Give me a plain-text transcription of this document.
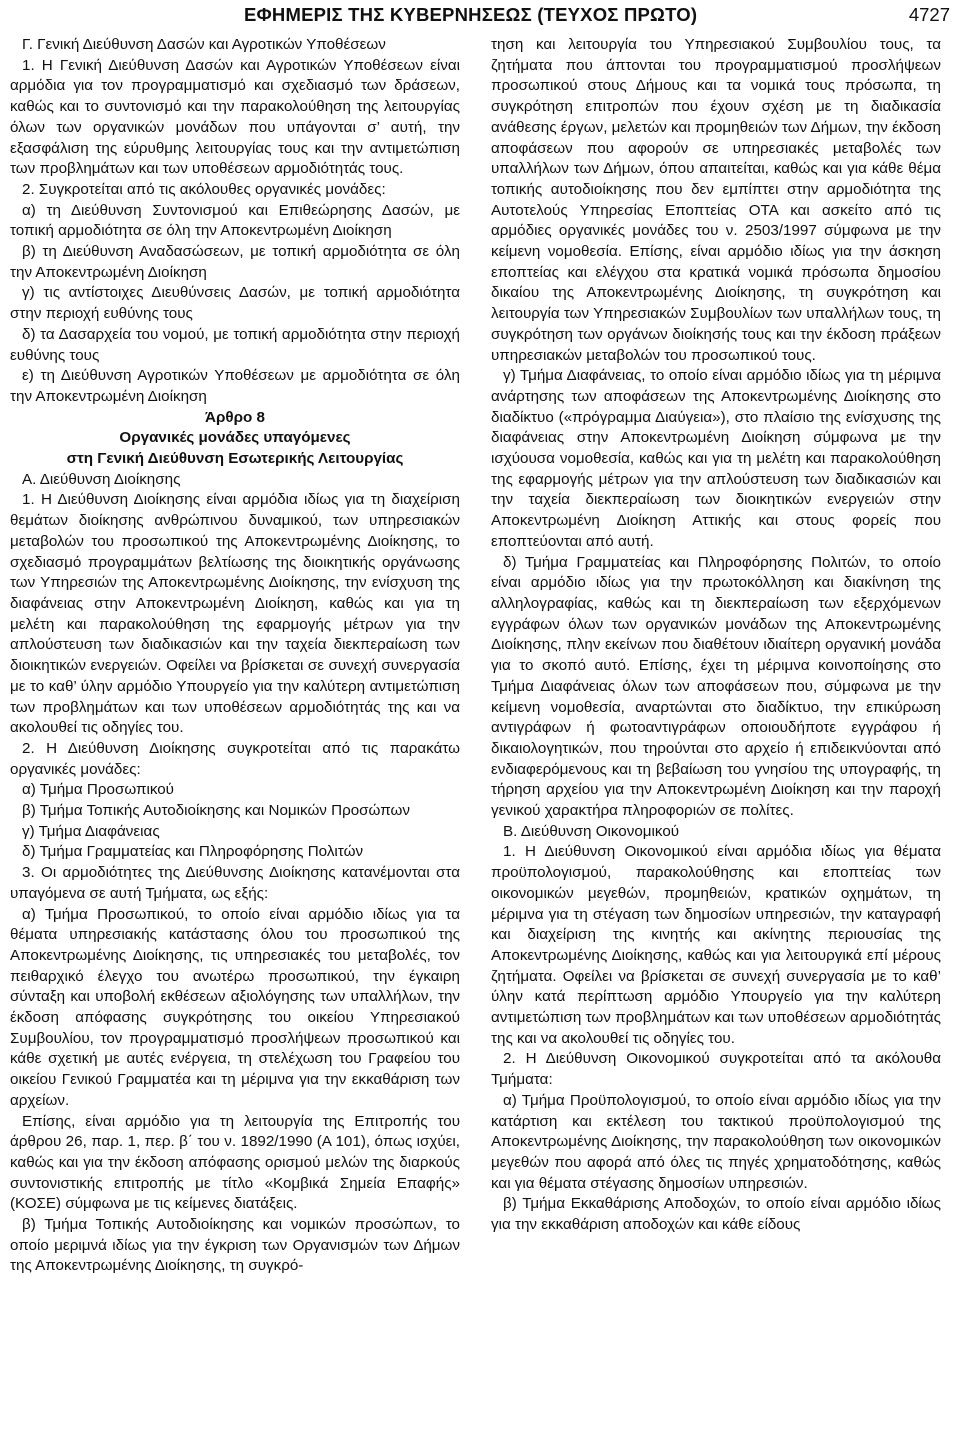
ΕΦΗΜΕΡΙΣ ΤΗΣ ΚΥΒΕΡΝΗΣΕΩΣ (ΤΕΥΧΟΣ ΠΡΩΤΟ)	4727

Γ. Γενική Διεύθυνση Δασών και Αγροτικών Υποθέσεων

1. Η Γενική Διεύθυνση Δασών και Αγροτικών Υποθέσεων είναι αρμόδια για τον προγραμματισμό και σχεδιασμό των δράσεων, καθώς και το συντονισμό και την παρακολούθηση της λειτουργίας όλων των οργανικών μονάδων που υπάγονται σ’ αυτή, την εξασφάλιση της εύρυθμης λειτουργίας τους και την αντιμετώπιση των προβλημάτων και των υποθέσεων αρμοδιότητάς τους.

2. Συγκροτείται από τις ακόλουθες οργανικές μονάδες:

α) τη Διεύθυνση Συντονισμού και Επιθεώρησης Δασών, με τοπική αρμοδιότητα σε όλη την Αποκεντρωμένη Διοίκηση

β) τη Διεύθυνση Αναδασώσεων, με τοπική αρμοδιότητα σε όλη την Αποκεντρωμένη Διοίκηση

γ) τις αντίστοιχες Διευθύνσεις Δασών, με τοπική αρμοδιότητα στην περιοχή ευθύνης τους

δ) τα Δασαρχεία του νομού, με τοπική αρμοδιότητα στην περιοχή ευθύνης τους

ε) τη Διεύθυνση Αγροτικών Υποθέσεων με αρμοδιότητα σε όλη την Αποκεντρωμένη Διοίκηση

Άρθρο 8

Οργανικές μονάδες υπαγόμενες
στη Γενική Διεύθυνση Εσωτερικής Λειτουργίας

Α. Διεύθυνση Διοίκησης

1. Η Διεύθυνση Διοίκησης είναι αρμόδια ιδίως για τη διαχείριση θεμάτων διοίκησης ανθρώπινου δυναμικού, των υπηρεσιακών μεταβολών του προσωπικού της Αποκεντρωμένης Διοίκησης, το σχεδιασμό προγραμμάτων βελτίωσης της διοικητικής οργάνωσης των Υπηρεσιών της Αποκεντρωμένης Διοίκησης, την ενίσχυση της διαφάνειας στην Αποκεντρωμένη Διοίκηση, καθώς και για τη μελέτη και παρακολούθηση της εφαρμογής μέτρων για την απλούστευση των διαδικασιών και την ταχεία διεκπεραίωση των διοικητικών ενεργειών. Οφείλει να βρίσκεται σε συνεχή συνεργασία με το καθ’ ύλην αρμόδιο Υπουργείο για την καλύτερη αντιμετώπιση των προβλημάτων και των υποθέσεων αρμοδιότητάς της και να ακολουθεί τις οδηγίες του.

2. Η Διεύθυνση Διοίκησης συγκροτείται από τις παρακάτω οργανικές μονάδες:

α) Τμήμα Προσωπικού

β) Τμήμα Τοπικής Αυτοδιοίκησης και Νομικών Προσώπων

γ) Τμήμα Διαφάνειας

δ) Τμήμα Γραμματείας και Πληροφόρησης Πολιτών

3. Οι αρμοδιότητες της Διεύθυνσης Διοίκησης κατανέμονται στα υπαγόμενα σε αυτή Τμήματα, ως εξής:

α) Τμήμα Προσωπικού, το οποίο είναι αρμόδιο ιδίως για τα θέματα υπηρεσιακής κατάστασης όλου του προσωπικού της Αποκεντρωμένης Διοίκησης, τις υπηρεσιακές του μεταβολές, τον πειθαρχικό έλεγχο του ανωτέρω προσωπικού, την έγκαιρη σύνταξη και υποβολή εκθέσεων αξιολόγησης των υπαλλήλων, την έκδοση απόφασης συγκρότησης του οικείου Υπηρεσιακού Συμβουλίου, τον προγραμματισμό προσλήψεων προσωπικού και κάθε σχετική με αυτές ενέργεια, τη στελέχωση του Γραφείου του οικείου Γενικού Γραμματέα και τη μέριμνα για την εκκαθάριση των αρχείων.

Επίσης, είναι αρμόδιο για τη λειτουργία της Επιτροπής του άρθρου 26, παρ. 1, περ. β΄ του ν. 1892/1990 (Α 101), όπως ισχύει, καθώς και για την έκδοση απόφασης ορισμού μελών της διαρκούς συντονιστικής επιτροπής με τίτλο «Κομβικά Σημεία Επαφής» (ΚΟΣΕ) σύμφωνα με τις κείμενες διατάξεις.

β) Τμήμα Τοπικής Αυτοδιοίκησης και νομικών προσώπων, το οποίο μεριμνά ιδίως για την έγκριση των Οργανισμών των Δήμων της Αποκεντρωμένης Διοίκησης, τη συγκρό-

τηση και λειτουργία του Υπηρεσιακού Συμβουλίου τους, τα ζητήματα που άπτονται του προγραμματισμού προσλήψεων προσωπικού στους Δήμους και τα νομικά τους πρόσωπα, τη συγκρότηση επιτροπών που έχουν σχέση με τη διαδικασία ανάθεσης έργων, μελετών και προμηθειών των Δήμων, την έκδοση αποφάσεων που αφορούν σε υπηρεσιακές μεταβολές των υπαλλήλων των Δήμων, όπου απαιτείται, καθώς και για κάθε θέμα τοπικής αυτοδιοίκησης που δεν εμπίπτει στην αρμοδιότητα της Αυτοτελούς Υπηρεσίας Εποπτείας ΟΤΑ και ασκείτο από τις αρμόδιες οργανικές μονάδες του ν. 2503/1997 σύμφωνα με την κείμενη νομοθεσία. Επίσης, είναι αρμόδιο ιδίως για την άσκηση εποπτείας και ελέγχου στα κρατικά νομικά πρόσωπα δημοσίου δικαίου της Αποκεντρωμένης Διοίκησης, τη συγκρότηση και λειτουργία των Υπηρεσιακών Συμβουλίων των υπαλλήλων τους, τη συγκρότηση των οργάνων διοίκησής τους και την έκδοση πράξεων υπηρεσιακών μεταβολών του προσωπικού τους.

γ) Τμήμα Διαφάνειας, το οποίο είναι αρμόδιο ιδίως για τη μέριμνα ανάρτησης των αποφάσεων της Αποκεντρωμένης Διοίκησης στο διαδίκτυο («πρόγραμμα Διαύγεια»), στο πλαίσιο της ενίσχυσης της διαφάνειας στην Αποκεντρωμένη Διοίκηση σύμφωνα με την ισχύουσα νομοθεσία, καθώς και για τη μελέτη και παρακολούθηση της εφαρμογής μέτρων για την απλούστευση των διαδικασιών και την ταχεία διεκπεραίωση των διοικητικών ενεργειών στην Αποκεντρωμένη Διοίκηση Αττικής και στους φορείς που εποπτεύονται από αυτή.

δ) Τμήμα Γραμματείας και Πληροφόρησης Πολιτών, το οποίο είναι αρμόδιο ιδίως για την πρωτοκόλληση και διακίνηση της αλληλογραφίας, καθώς και τη διεκπεραίωση των εξερχόμενων εγγράφων όλων των οργανικών μονάδων της Αποκεντρωμένης Διοίκησης, πλην εκείνων που διαθέτουν ιδιαίτερη οργανική μονάδα για το σκοπό αυτό. Επίσης, έχει τη μέριμνα κοινοποίησης στο Τμήμα Διαφάνειας όλων των αποφάσεων που, σύμφωνα με την κείμενη νομοθεσία, αναρτώνται στο διαδίκτυο, την επικύρωση αντιγράφων ή φωτοαντιγράφων οποιουδήποτε εγγράφου ή δικαιολογητικών, που τηρούνται στο αρχείο ή επιδεικνύονται από ενδιαφερόμενους και τη βεβαίωση του γνησίου της υπογραφής, τη τήρηση αρχείου για την Αποκεντρωμένη Διοίκηση και την παροχή γενικού χαρακτήρα πληροφοριών σε πολίτες.

Β. Διεύθυνση Οικονομικού

1. Η Διεύθυνση Οικονομικού είναι αρμόδια ιδίως για θέματα προϋπολογισμού, παρακολούθησης και εποπτείας των οικονομικών μεγεθών, προμηθειών, κρατικών οχημάτων, τη μέριμνα για τη στέγαση των δημοσίων υπηρεσιών, την καταγραφή και διαχείριση της κινητής και ακίνητης περιουσίας της Αποκεντρωμένης Διοίκησης, καθώς και για λειτουργικά επί μέρους ζητήματα. Οφείλει να βρίσκεται σε συνεχή συνεργασία με το καθ’ ύλην κατά περίπτωση αρμόδιο Υπουργείο για την καλύτερη αντιμετώπιση των προβλημάτων και των υποθέσεων αρμοδιότητάς της και να ακολουθεί τις οδηγίες του.

2. Η Διεύθυνση Οικονομικού συγκροτείται από τα ακόλουθα Τμήματα:

α) Τμήμα Προϋπολογισμού, το οποίο είναι αρμόδιο ιδίως για την κατάρτιση και εκτέλεση του τακτικού προϋπολογισμού της Αποκεντρωμένης Διοίκησης, την παρακολούθηση των οικονομικών μεγεθών που αφορά από όλες τις πηγές χρηματοδότησης, καθώς και για θέματα στέγασης δημοσίων υπηρεσιών.

β) Τμήμα Εκκαθάρισης Αποδοχών, το οποίο είναι αρμόδιο ιδίως για την εκκαθάριση αποδοχών και κάθε είδους
